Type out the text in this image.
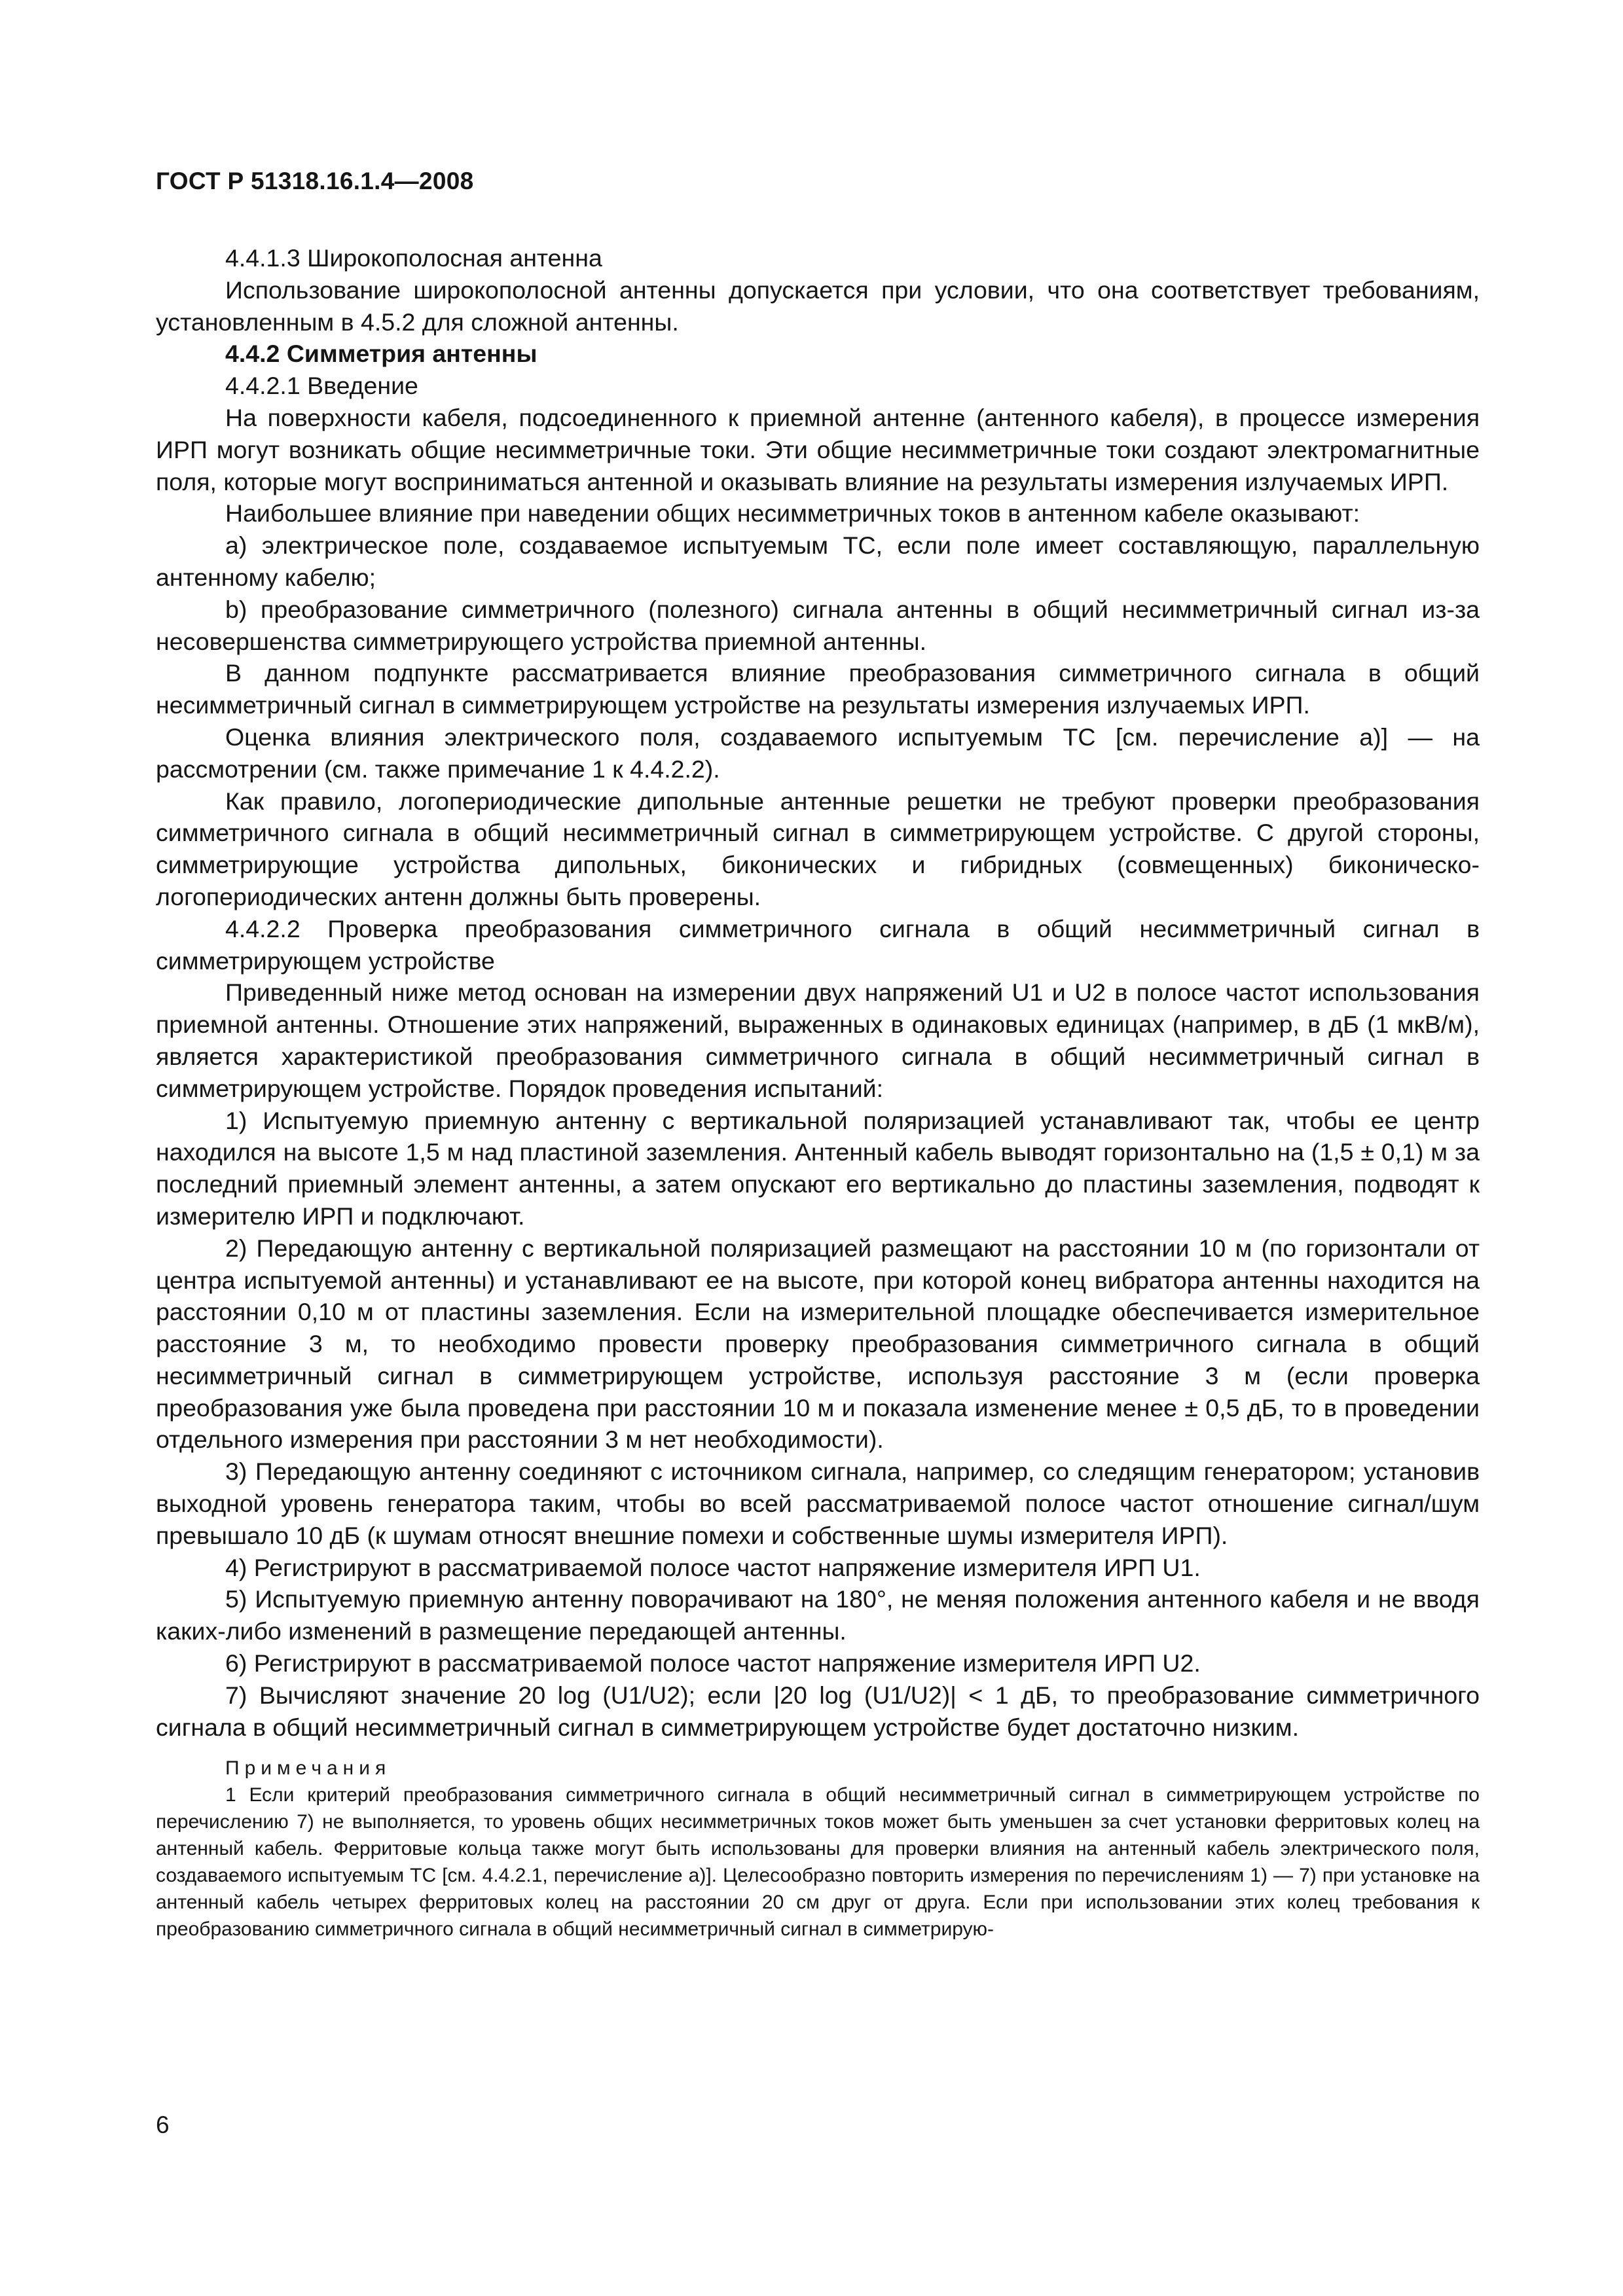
ГОСТ Р 51318.16.1.4—2008

4.4.1.3 Широкополосная антенна

Использование широкополосной антенны допускается при условии, что она соответствует требованиям, установленным в 4.5.2 для сложной антенны.

4.4.2 Симметрия антенны

4.4.2.1 Введение

На поверхности кабеля, подсоединенного к приемной антенне (антенного кабеля), в процессе измерения ИРП могут возникать общие несимметричные токи. Эти общие несимметричные токи создают электромагнитные поля, которые могут восприниматься антенной и оказывать влияние на результаты измерения излучаемых ИРП.

Наибольшее влияние при наведении общих несимметричных токов в антенном кабеле оказывают:

a) электрическое поле, создаваемое испытуемым ТС, если поле имеет составляющую, параллельную антенному кабелю;

b) преобразование симметричного (полезного) сигнала антенны в общий несимметричный сигнал из-за несовершенства симметрирующего устройства приемной антенны.

В данном подпункте рассматривается влияние преобразования симметричного сигнала в общий несимметричный сигнал в симметрирующем устройстве на результаты измерения излучаемых ИРП.

Оценка влияния электрического поля, создаваемого испытуемым ТС [см. перечисление а)] — на рассмотрении (см. также примечание 1 к 4.4.2.2).

Как правило, логопериодические дипольные антенные решетки не требуют проверки преобразования симметричного сигнала в общий несимметричный сигнал в симметрирующем устройстве. С другой стороны, симметрирующие устройства дипольных, биконических и гибридных (совмещенных) биконическо-логопериодических антенн должны быть проверены.

4.4.2.2 Проверка преобразования симметричного сигнала в общий несимметричный сигнал в симметрирующем устройстве

Приведенный ниже метод основан на измерении двух напряжений U1 и U2 в полосе частот использования приемной антенны. Отношение этих напряжений, выраженных в одинаковых единицах (например, в дБ (1 мкВ/м), является характеристикой преобразования симметричного сигнала в общий несимметричный сигнал в симметрирующем устройстве. Порядок проведения испытаний:

1) Испытуемую приемную антенну с вертикальной поляризацией устанавливают так, чтобы ее центр находился на высоте 1,5 м над пластиной заземления. Антенный кабель выводят горизонтально на (1,5 ± 0,1) м за последний приемный элемент антенны, а затем опускают его вертикально до пластины заземления, подводят к измерителю ИРП и подключают.

2) Передающую антенну с вертикальной поляризацией размещают на расстоянии 10 м (по горизонтали от центра испытуемой антенны) и устанавливают ее на высоте, при которой конец вибратора антенны находится на расстоянии 0,10 м от пластины заземления. Если на измерительной площадке обеспечивается измерительное расстояние 3 м, то необходимо провести проверку преобразования симметричного сигнала в общий несимметричный сигнал в симметрирующем устройстве, используя расстояние 3 м (если проверка преобразования уже была проведена при расстоянии 10 м и показала изменение менее ± 0,5 дБ, то в проведении отдельного измерения при расстоянии 3 м нет необходимости).

3) Передающую антенну соединяют с источником сигнала, например, со следящим генератором; установив выходной уровень генератора таким, чтобы во всей рассматриваемой полосе частот отношение сигнал/шум превышало 10 дБ (к шумам относят внешние помехи и собственные шумы измерителя ИРП).

4) Регистрируют в рассматриваемой полосе частот напряжение измерителя ИРП U1.

5) Испытуемую приемную антенну поворачивают на 180°, не меняя положения антенного кабеля и не вводя каких-либо изменений в размещение передающей антенны.

6) Регистрируют в рассматриваемой полосе частот напряжение измерителя ИРП U2.

7) Вычисляют значение 20 log (U1/U2); если |20 log (U1/U2)| < 1 дБ, то преобразование симметричного сигнала в общий несимметричный сигнал в симметрирующем устройстве будет достаточно низким.

Примечания

1 Если критерий преобразования симметричного сигнала в общий несимметричный сигнал в симметрирующем устройстве по перечислению 7) не выполняется, то уровень общих несимметричных токов может быть уменьшен за счет установки ферритовых колец на антенный кабель. Ферритовые кольца также могут быть использованы для проверки влияния на антенный кабель электрического поля, создаваемого испытуемым ТС [см. 4.4.2.1, перечисление а)]. Целесообразно повторить измерения по перечислениям 1) — 7) при установке на антенный кабель четырех ферритовых колец на расстоянии 20 см друг от друга. Если при использовании этих колец требования к преобразованию симметричного сигнала в общий несимметричный сигнал в симметрирую-

6
